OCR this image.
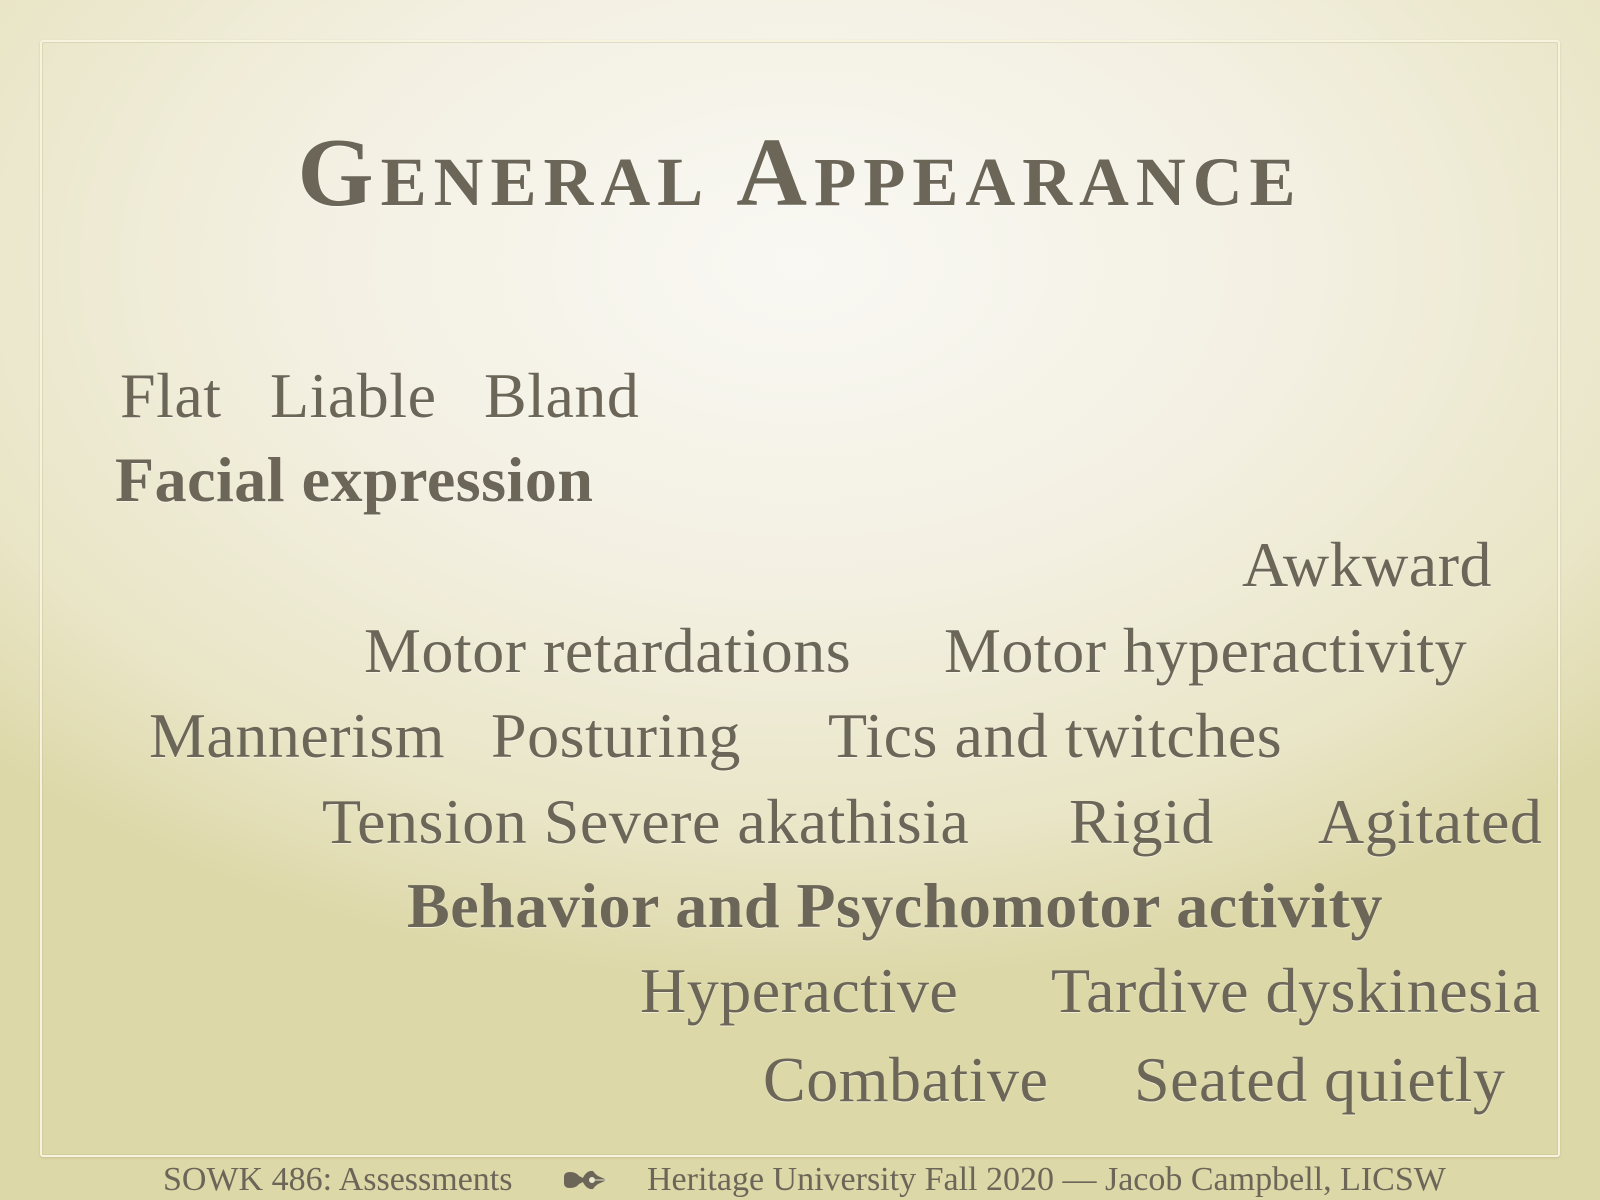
General Appearance
Flat Liable Bland
Facial expression
Awkward
Motor retardations Motor hyperactivity
Mannerism Posturing Tics and twitches
Tension Severe akathisia Rigid Agitated
Behavior and Psychomotor activity
Hyperactive Tardive dyskinesia
Combative Seated quietly
SOWK 486: Assessments	Heritage University Fall 2020 — Jacob Campbell, LICSW
